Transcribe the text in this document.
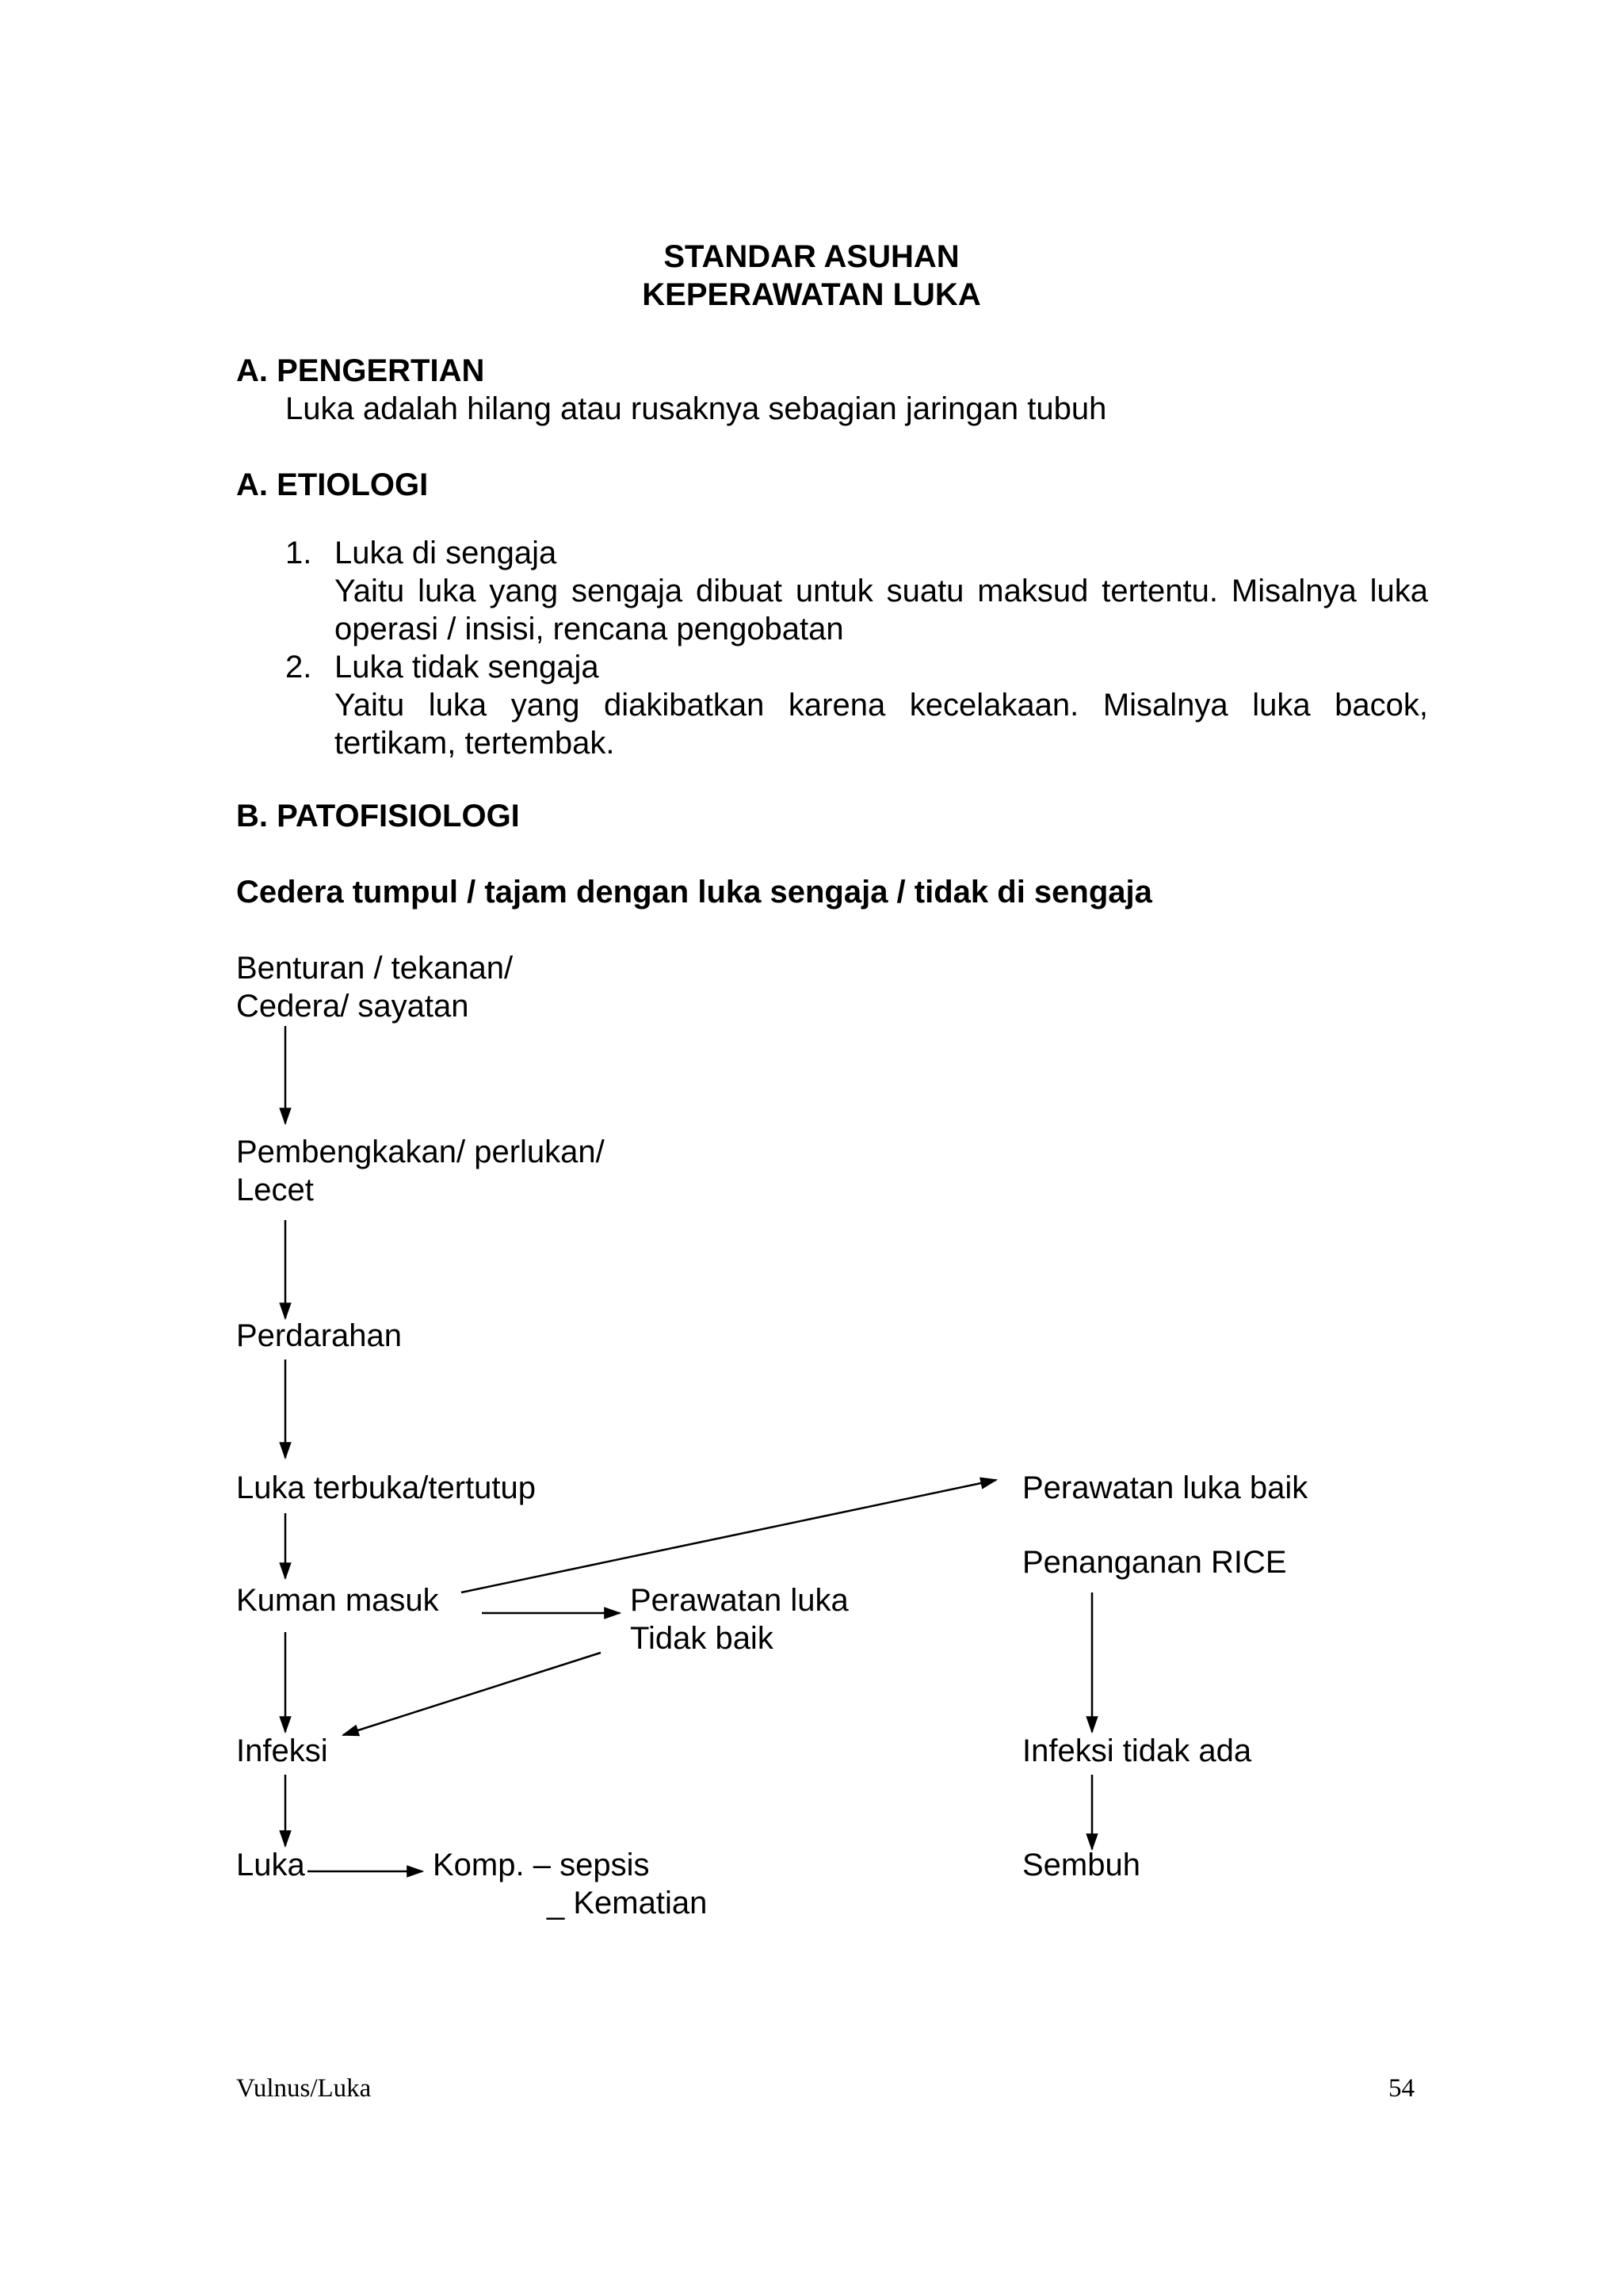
STANDAR ASUHAN
KEPERAWATAN LUKA
A. PENGERTIAN
Luka adalah hilang atau rusaknya sebagian jaringan tubuh
A. ETIOLOGI
1. Luka di sengaja
Yaitu luka yang sengaja dibuat untuk suatu maksud tertentu. Misalnya luka operasi / insisi, rencana pengobatan
2. Luka tidak sengaja
Yaitu luka yang diakibatkan karena kecelakaan. Misalnya luka bacok, tertikam, tertembak.
B. PATOFISIOLOGI
Cedera tumpul / tajam dengan luka sengaja / tidak di sengaja
Benturan / tekanan/
Cedera/ sayatan
Pembengkakan/ perlukan/
Lecet
Perdarahan
Luka terbuka/tertutup
Kuman masuk	Perawatan luka
Tidak baik
Infeksi
Luka	Komp. – sepsis
_ Kematian
Perawatan luka baik
Penanganan RICE
Infeksi tidak ada
Sembuh
Vulnus/Luka	54
